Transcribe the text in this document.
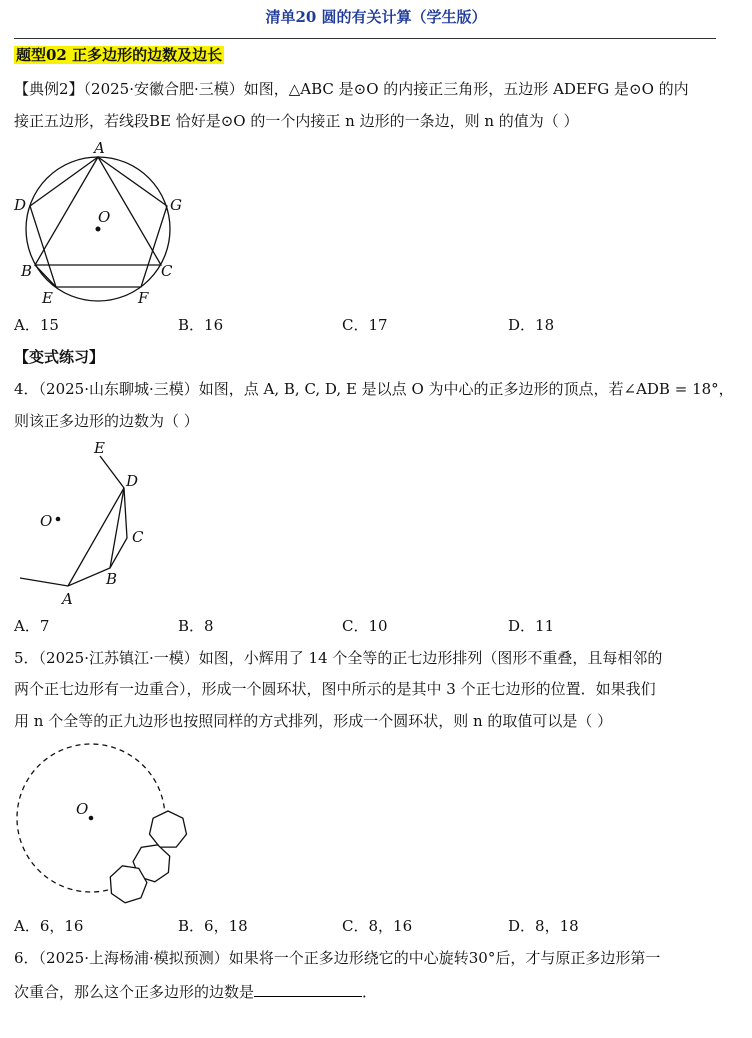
清单20 圆的有关计算（学生版）
题型02 正多边形的边数及边长
【典例2】（2025·安徽合肥·三模）如图，△ABC 是⊙O 的内接正三角形，五边形 ADEFG 是⊙O 的内
接正五边形，若线段BE 恰好是⊙O 的一个内接正 n 边形的一条边，则 n 的值为（ ）
A
D	G
O
B	C
E	F
A．15	B．16	C．17	D．18
【变式练习】
4．（2025·山东聊城·三模）如图，点 A, B, C, D, E 是以点 O 为中心的正多边形的顶点，若∠ADB = 18°，
则该正多边形的边数为（ ）
E
D
O
C
B
A
A．7	B．8	C．10	D．11
5．（2025·江苏镇江·一模）如图，小辉用了 14 个全等的正七边形排列（图形不重叠，且每相邻的
两个正七边形有一边重合），形成一个圆环状，图中所示的是其中 3 个正七边形的位置．如果我们
用 n 个全等的正九边形也按照同样的方式排列，形成一个圆环状，则 n 的取值可以是（ ）
O
A．6，16	B．6，18	C．8，16	D．8，18
6．（2025·上海杨浦·模拟预测）如果将一个正多边形绕它的中心旋转30°后，才与原正多边形第一
次重合，那么这个正多边形的边数是	．
